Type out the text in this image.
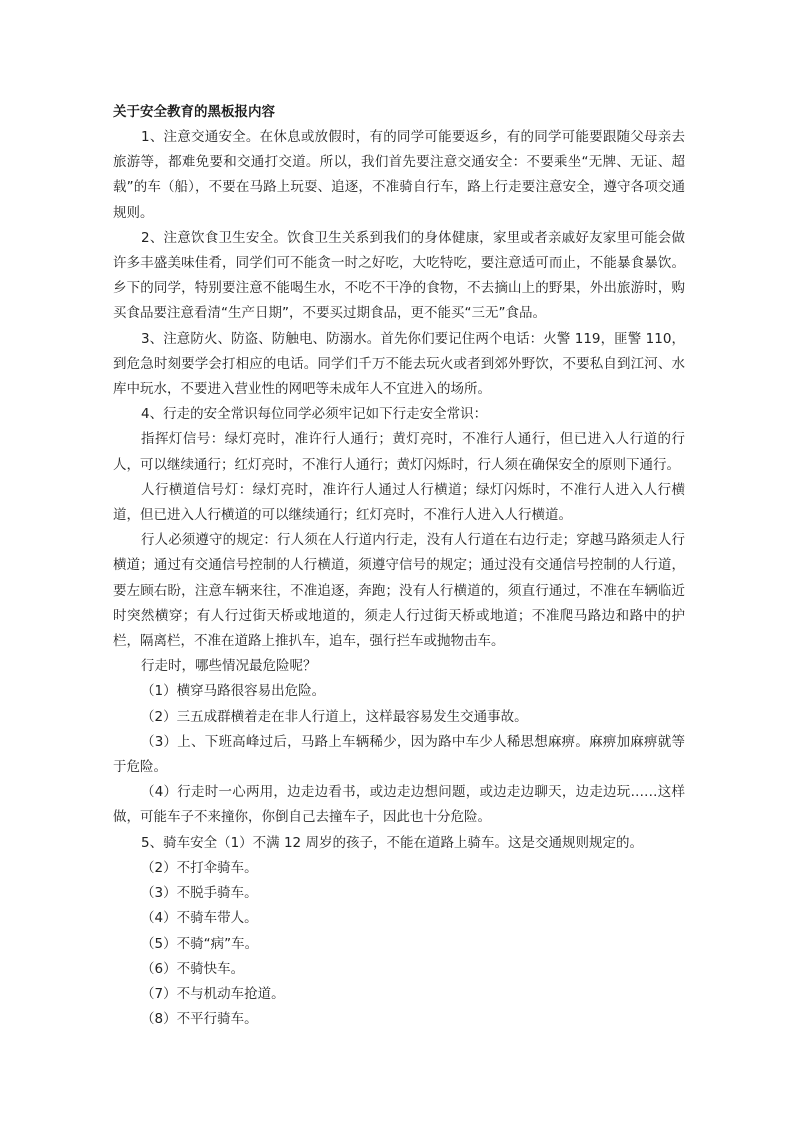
关于安全教育的黑板报内容

1、注意交通安全。在休息或放假时，有的同学可能要返乡，有的同学可能要跟随父母亲去旅游等，都难免要和交通打交道。所以，我们首先要注意交通安全：不要乘坐“无牌、无证、超载”的车（船），不要在马路上玩耍、追逐，不准骑自行车，路上行走要注意安全，遵守各项交通规则。

2、注意饮食卫生安全。饮食卫生关系到我们的身体健康，家里或者亲戚好友家里可能会做许多丰盛美味佳肴，同学们可不能贪一时之好吃，大吃特吃，要注意适可而止，不能暴食暴饮。乡下的同学，特别要注意不能喝生水，不吃不干净的食物，不去摘山上的野果，外出旅游时，购买食品要注意看清“生产日期”，不要买过期食品，更不能买“三无”食品。

3、注意防火、防盗、防触电、防溺水。首先你们要记住两个电话：火警 119，匪警 110，到危急时刻要学会打相应的电话。同学们千万不能去玩火或者到郊外野饮，不要私自到江河、水库中玩水，不要进入营业性的网吧等未成年人不宜进入的场所。

4、行走的安全常识每位同学必须牢记如下行走安全常识：

指挥灯信号：绿灯亮时，准许行人通行；黄灯亮时，不准行人通行，但已进入人行道的行人，可以继续通行；红灯亮时，不准行人通行；黄灯闪烁时，行人须在确保安全的原则下通行。

人行横道信号灯：绿灯亮时，准许行人通过人行横道；绿灯闪烁时，不准行人进入人行横道，但已进入人行横道的可以继续通行；红灯亮时，不准行人进入人行横道。

行人必须遵守的规定：行人须在人行道内行走，没有人行道在右边行走；穿越马路须走人行横道；通过有交通信号控制的人行横道，须遵守信号的规定；通过没有交通信号控制的人行道，要左顾右盼，注意车辆来往，不准追逐，奔跑；没有人行横道的，须直行通过，不准在车辆临近时突然横穿；有人行过街天桥或地道的，须走人行过街天桥或地道；不准爬马路边和路中的护栏，隔离栏，不准在道路上推扒车，追车，强行拦车或抛物击车。

行走时，哪些情况最危险呢？

（1）横穿马路很容易出危险。

（2）三五成群横着走在非人行道上，这样最容易发生交通事故。

（3）上、下班高峰过后，马路上车辆稀少，因为路中车少人稀思想麻痹。麻痹加麻痹就等于危险。

（4）行走时一心两用，边走边看书，或边走边想问题，或边走边聊天，边走边玩……这样做，可能车子不来撞你，你倒自己去撞车子，因此也十分危险。

5、骑车安全（1）不满 12 周岁的孩子，不能在道路上骑车。这是交通规则规定的。

（2）不打伞骑车。

（3）不脱手骑车。

（4）不骑车带人。

（5）不骑“病”车。

（6）不骑快车。

（7）不与机动车抢道。

（8）不平行骑车。
